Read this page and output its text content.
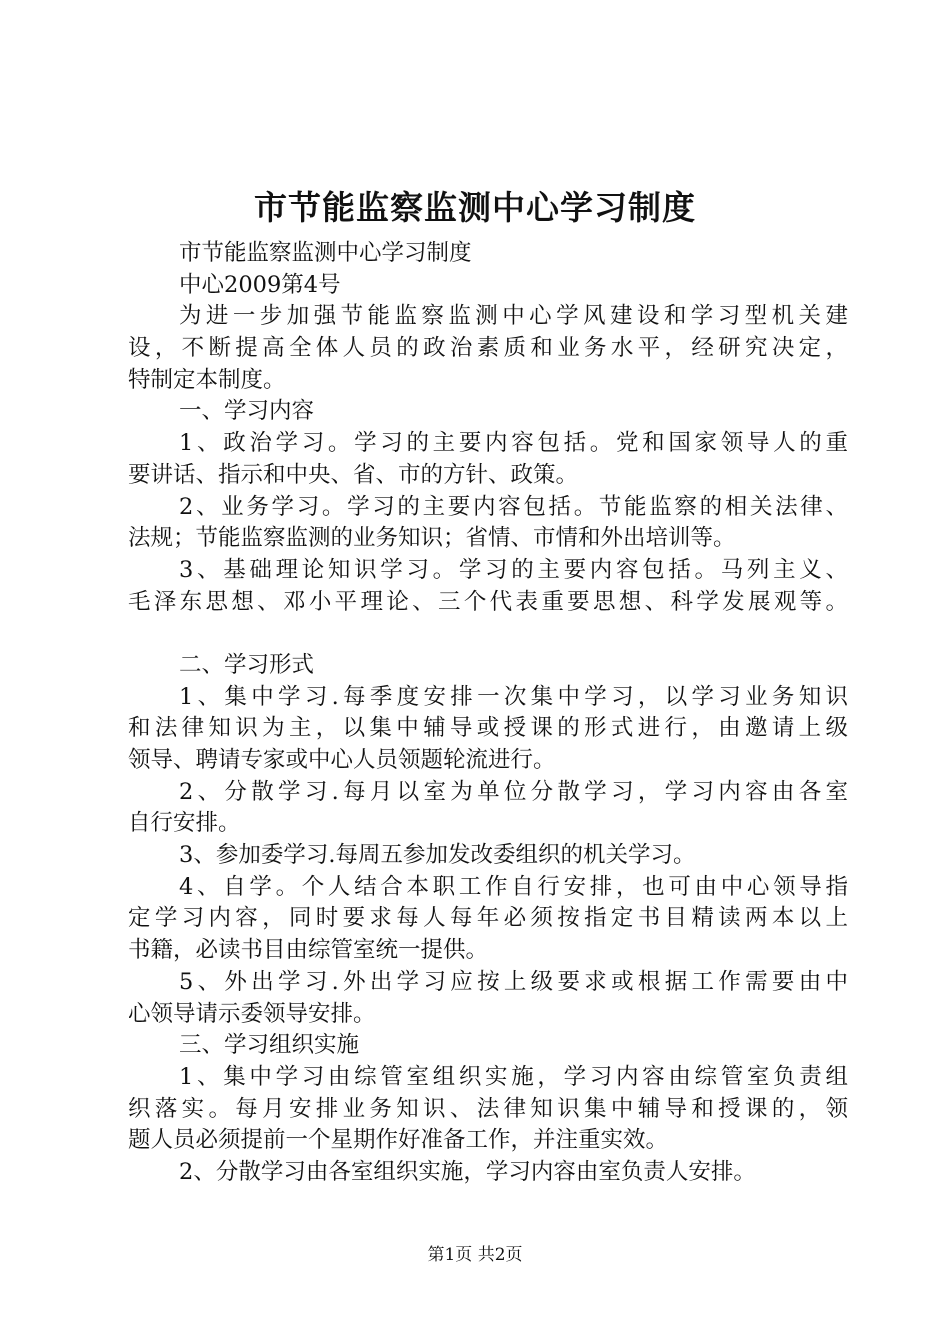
市节能监察监测中心学习制度
市节能监察监测中心学习制度
中心2009第4号
为进一步加强节能监察监测中心学风建设和学习型机关建
设，不断提高全体人员的政治素质和业务水平，经研究决定，
特制定本制度。
一、学习内容
1、政治学习。学习的主要内容包括。党和国家领导人的重
要讲话、指示和中央、省、市的方针、政策。
2、业务学习。学习的主要内容包括。节能监察的相关法律、
法规；节能监察监测的业务知识；省情、市情和外出培训等。
3、基础理论知识学习。学习的主要内容包括。马列主义、
毛泽东思想、邓小平理论、三个代表重要思想、科学发展观等。
二、学习形式
1、集中学习.每季度安排一次集中学习，以学习业务知识
和法律知识为主，以集中辅导或授课的形式进行，由邀请上级
领导、聘请专家或中心人员领题轮流进行。
2、分散学习.每月以室为单位分散学习，学习内容由各室
自行安排。
3、参加委学习.每周五参加发改委组织的机关学习。
4、自学。个人结合本职工作自行安排，也可由中心领导指
定学习内容，同时要求每人每年必须按指定书目精读两本以上
书籍，必读书目由综管室统一提供。
5、外出学习.外出学习应按上级要求或根据工作需要由中
心领导请示委领导安排。
三、学习组织实施
1、集中学习由综管室组织实施，学习内容由综管室负责组
织落实。每月安排业务知识、法律知识集中辅导和授课的，领
题人员必须提前一个星期作好准备工作，并注重实效。
2、分散学习由各室组织实施，学习内容由室负责人安排。
第1页 共2页
